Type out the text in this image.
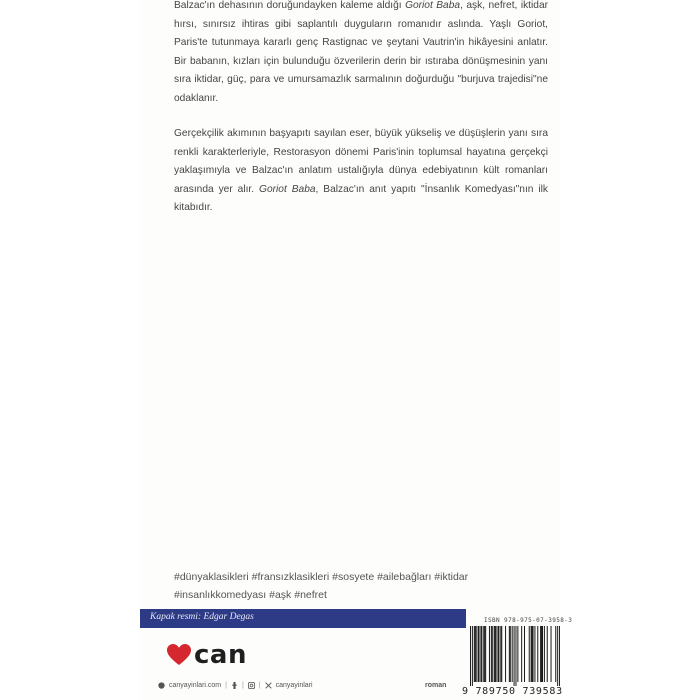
Balzac'ın dehasının doruğundayken kaleme aldığı Goriot Baba, aşk, nefret, iktidar hırsı, sınırsız ihtiras gibi saplantılı duyguların romanıdır aslında. Yaşlı Goriot, Paris'te tutunmaya kararlı genç Rastignac ve şeytani Vautrin'in hikâyesini anlatır. Bir babanın, kızları için bulunduğu özverilerin derin bir ıstıraba dönüşmesinin yanı sıra iktidar, güç, para ve umursamazlık sarmalının doğurduğu "burjuva trajedisi"ne odaklanır.

Gerçekçilik akımının başyapıtı sayılan eser, büyük yükseliş ve düşüşlerin yanı sıra renkli karakterleriyle, Restorasyon dönemi Paris'inin toplumsal hayatına gerçekçi yaklaşımıyla ve Balzac'ın anlatım ustalığıyla dünya edebiyatının kült romanları arasında yer alır. Goriot Baba, Balzac'ın anıt yapıtı "İnsanlık Komedyası"nın ilk kitabıdır.

#dünyaklasikleri #fransızklasikleri #sosyete #ailebağları #iktidar
#insanlıkkomedyası #aşk #nefret
Kapak resmi: Edgar Degas
can
canyayinlari.com | | | canyayinlari	roman
ISBN 978-975-07-3958-3
9 789750 739583
